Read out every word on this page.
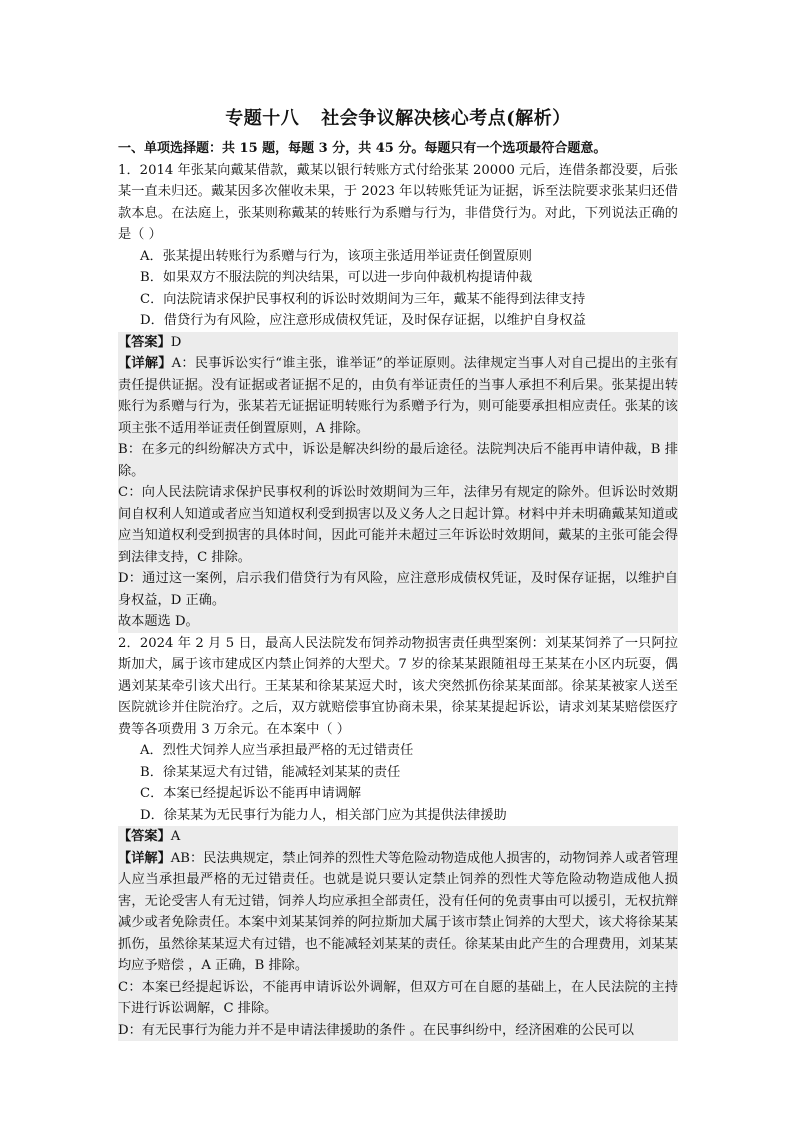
专题十八 社会争议解决核心考点(解析）

一、单项选择题：共 15 题，每题 3 分，共 45 分。每题只有一个选项最符合题意。

1．2014 年张某向戴某借款，戴某以银行转账方式付给张某 20000 元后，连借条都没要，后张某一直未归还。戴某因多次催收未果，于 2023 年以转账凭证为证据，诉至法院要求张某归还借款本息。在法庭上，张某则称戴某的转账行为系赠与行为，非借贷行为。对此，下列说法正确的是（ ）

A．张某提出转账行为系赠与行为，该项主张适用举证责任倒置原则

B．如果双方不服法院的判决结果，可以进一步向仲裁机构提请仲裁

C．向法院请求保护民事权利的诉讼时效期间为三年，戴某不能得到法律支持

D．借贷行为有风险，应注意形成债权凭证，及时保存证据，以维护自身权益

【答案】D

【详解】A：民事诉讼实行“谁主张，谁举证”的举证原则。法律规定当事人对自己提出的主张有责任提供证据。没有证据或者证据不足的，由负有举证责任的当事人承担不利后果。张某提出转账行为系赠与行为，张某若无证据证明转账行为系赠予行为，则可能要承担相应责任。张某的该项主张不适用举证责任倒置原则，A 排除。

B：在多元的纠纷解决方式中，诉讼是解决纠纷的最后途径。法院判决后不能再申请仲裁，B 排除。

C：向人民法院请求保护民事权利的诉讼时效期间为三年，法律另有规定的除外。但诉讼时效期间自权利人知道或者应当知道权利受到损害以及义务人之日起计算。材料中并未明确戴某知道或应当知道权利受到损害的具体时间，因此可能并未超过三年诉讼时效期间，戴某的主张可能会得到法律支持，C 排除。

D：通过这一案例，启示我们借贷行为有风险，应注意形成债权凭证，及时保存证据，以维护自身权益，D 正确。

故本题选 D。

2．2024 年 2 月 5 日，最高人民法院发布饲养动物损害责任典型案例：刘某某饲养了一只阿拉斯加犬，属于该市建成区内禁止饲养的大型犬。7 岁的徐某某跟随祖母王某某在小区内玩耍，偶遇刘某某牵引该犬出行。王某某和徐某某逗犬时，该犬突然抓伤徐某某面部。徐某某被家人送至医院就诊并住院治疗。之后，双方就赔偿事宜协商未果，徐某某提起诉讼，请求刘某某赔偿医疗费等各项费用 3 万余元。在本案中（ ）

A．烈性犬饲养人应当承担最严格的无过错责任

B．徐某某逗犬有过错，能减轻刘某某的责任

C．本案已经提起诉讼不能再申请调解

D．徐某某为无民事行为能力人，相关部门应为其提供法律援助

【答案】A

【详解】AB：民法典规定，禁止饲养的烈性犬等危险动物造成他人损害的，动物饲养人或者管理人应当承担最严格的无过错责任。也就是说只要认定禁止饲养的烈性犬等危险动物造成他人损害，无论受害人有无过错，饲养人均应承担全部责任，没有任何的免责事由可以援引，无权抗辩减少或者免除责任。本案中刘某某饲养的阿拉斯加犬属于该市禁止饲养的大型犬，该犬将徐某某抓伤，虽然徐某某逗犬有过错，也不能减轻刘某某的责任。徐某某由此产生的合理费用，刘某某均应予赔偿 ，A 正确，B 排除。

C：本案已经提起诉讼，不能再申请诉讼外调解，但双方可在自愿的基础上，在人民法院的主持下进行诉讼调解，C 排除。

D：有无民事行为能力并不是申请法律援助的条件 。在民事纠纷中，经济困难的公民可以
